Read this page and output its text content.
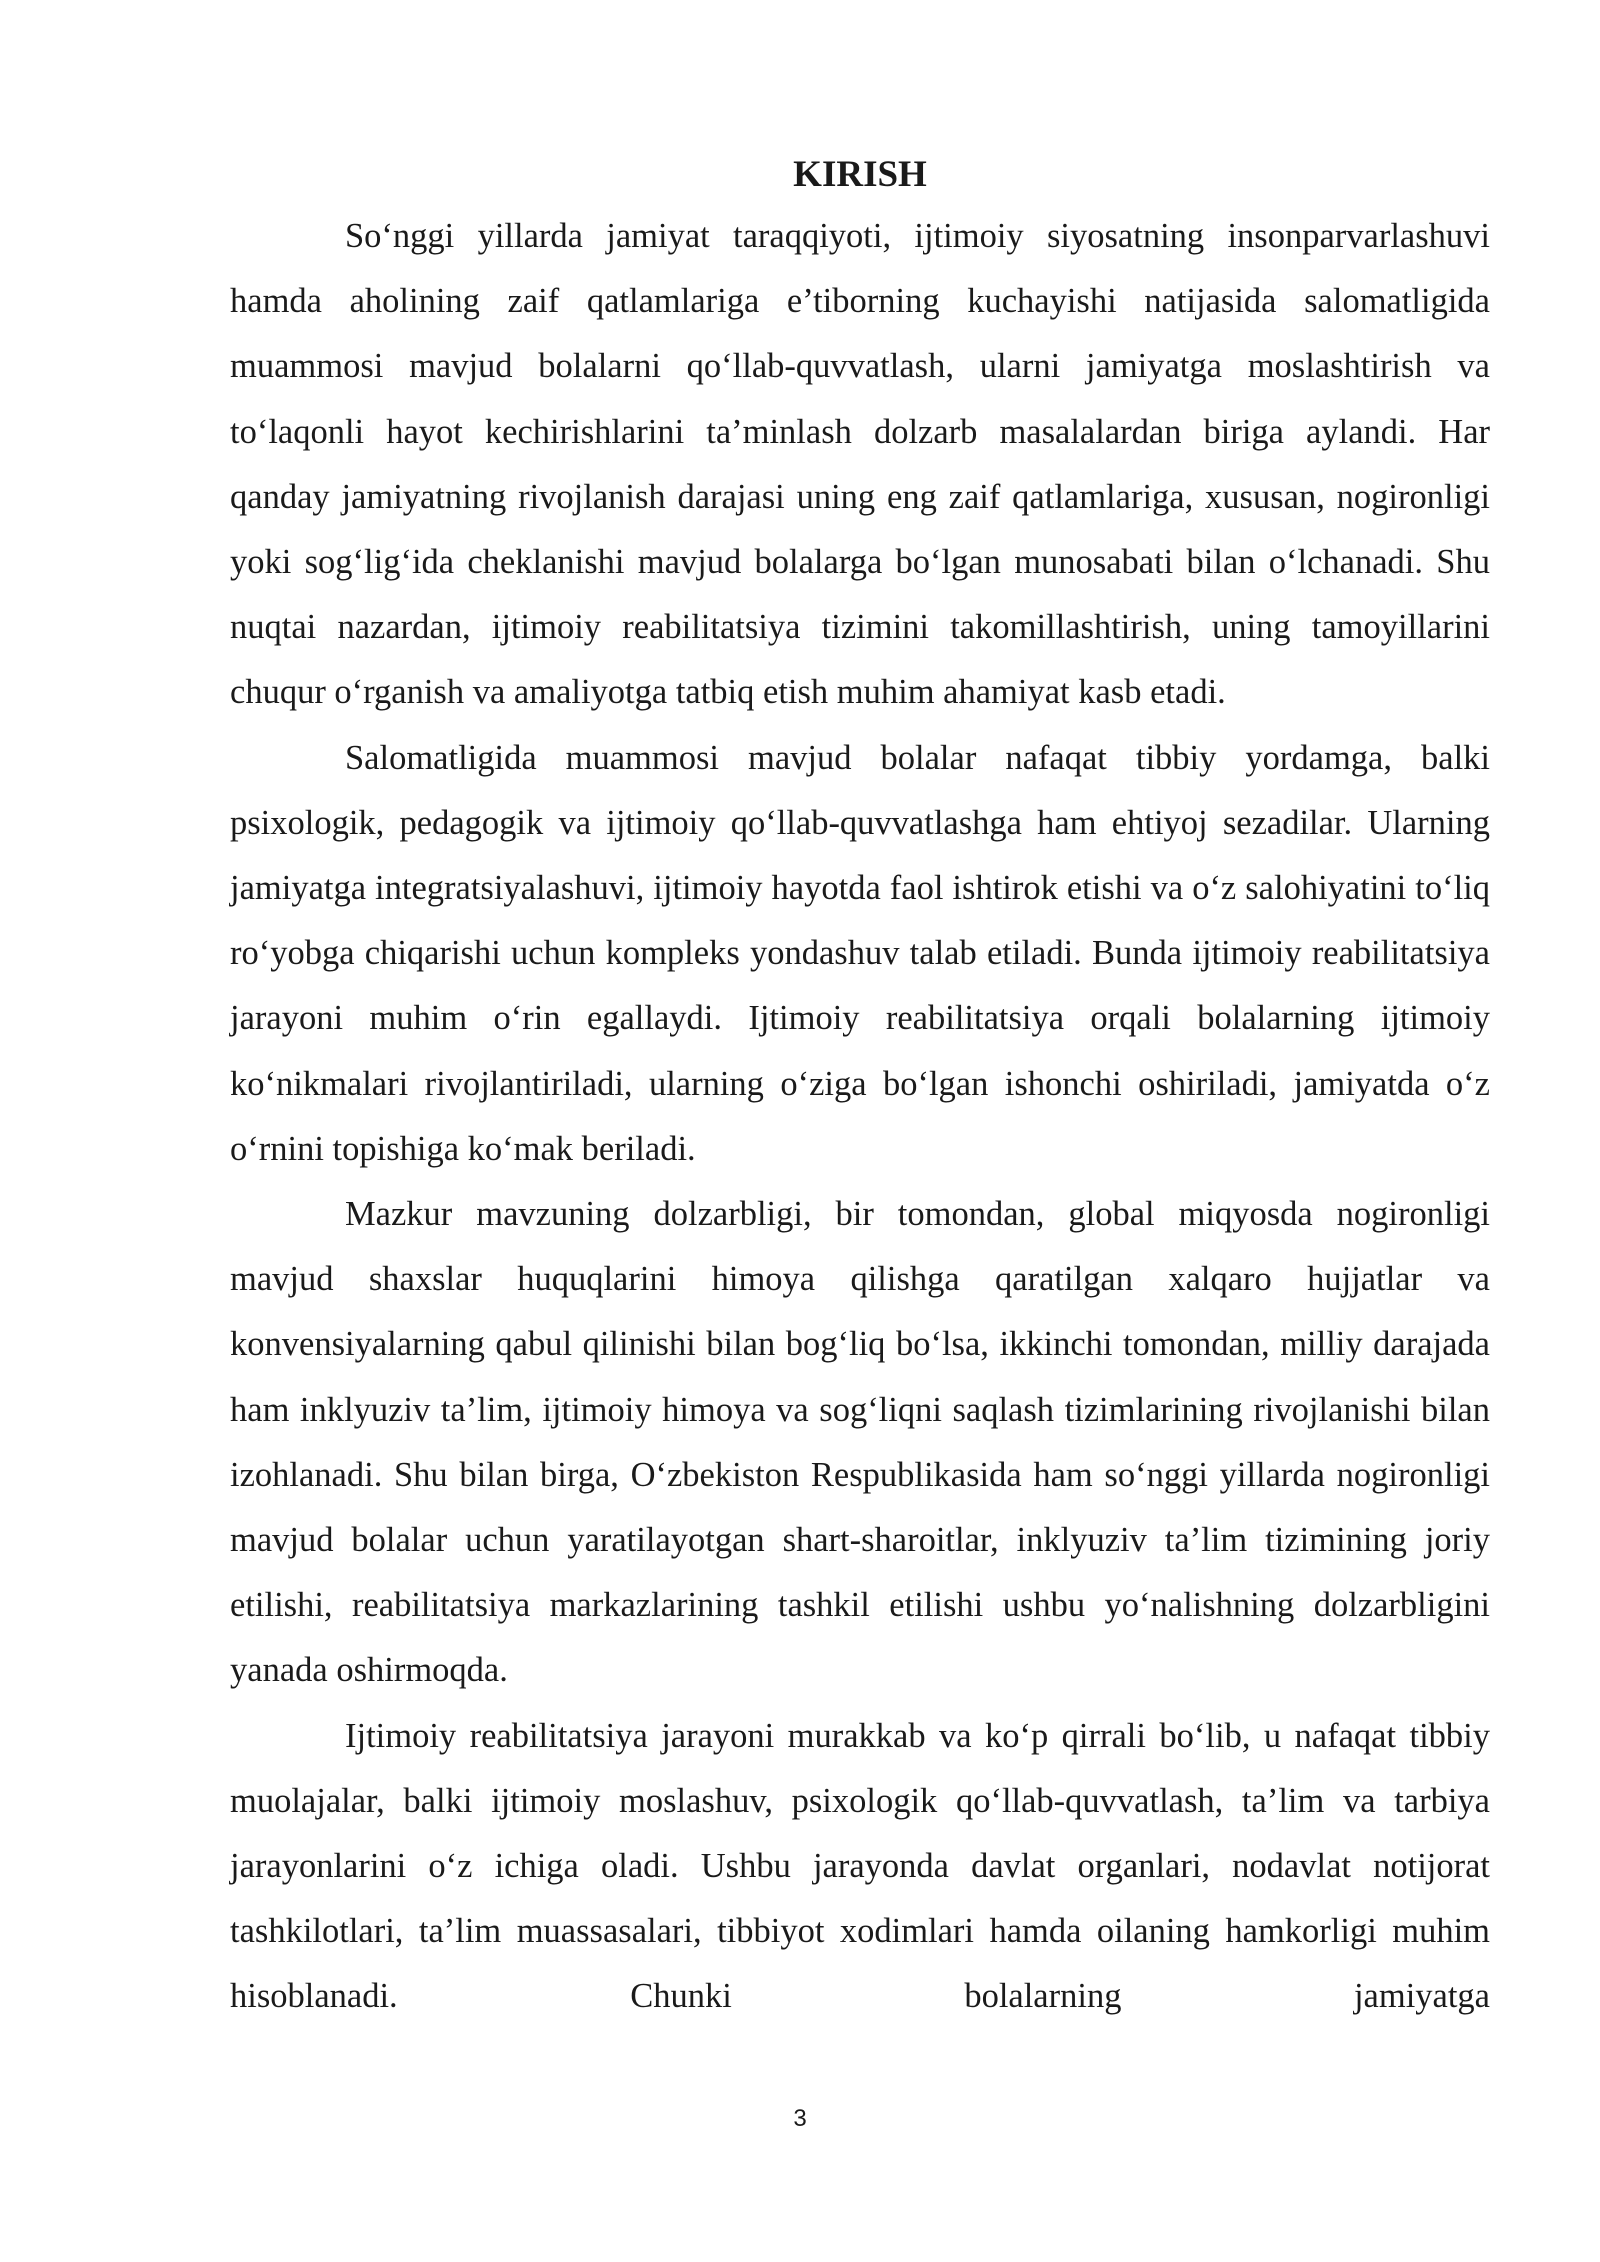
KIRISH

So‘nggi yillarda jamiyat taraqqiyoti, ijtimoiy siyosatning insonparvarlashuvi hamda aholining zaif qatlamlariga e’tiborning kuchayishi natijasida salomatligida muammosi mavjud bolalarni qo‘llab-quvvatlash, ularni jamiyatga moslashtirish va to‘laqonli hayot kechirishlarini ta’minlash dolzarb masalalardan biriga aylandi. Har qanday jamiyatning rivojlanish darajasi uning eng zaif qatlamlariga, xususan, nogironligi yoki sog‘lig‘ida cheklanishi mavjud bolalarga bo‘lgan munosabati bilan o‘lchanadi. Shu nuqtai nazardan, ijtimoiy reabilitatsiya tizimini takomillashtirish, uning tamoyillarini chuqur o‘rganish va amaliyotga tatbiq etish muhim ahamiyat kasb etadi.

Salomatligida muammosi mavjud bolalar nafaqat tibbiy yordamga, balki psixologik, pedagogik va ijtimoiy qo‘llab-quvvatlashga ham ehtiyoj sezadilar. Ularning jamiyatga integratsiyalashuvi, ijtimoiy hayotda faol ishtirok etishi va o‘z salohiyatini to‘liq ro‘yobga chiqarishi uchun kompleks yondashuv talab etiladi. Bunda ijtimoiy reabilitatsiya jarayoni muhim o‘rin egallaydi. Ijtimoiy reabilitatsiya orqali bolalarning ijtimoiy ko‘nikmalari rivojlantiriladi, ularning o‘ziga bo‘lgan ishonchi oshiriladi, jamiyatda o‘z o‘rnini topishiga ko‘mak beriladi.

Mazkur mavzuning dolzarbligi, bir tomondan, global miqyosda nogironligi mavjud shaxslar huquqlarini himoya qilishga qaratilgan xalqaro hujjatlar va konvensiyalarning qabul qilinishi bilan bog‘liq bo‘lsa, ikkinchi tomondan, milliy darajada ham inklyuziv ta’lim, ijtimoiy himoya va sog‘liqni saqlash tizimlarining rivojlanishi bilan izohlanadi. Shu bilan birga, O‘zbekiston Respublikasida ham so‘nggi yillarda nogironligi mavjud bolalar uchun yaratilayotgan shart-sharoitlar, inklyuziv ta’lim tizimining joriy etilishi, reabilitatsiya markazlarining tashkil etilishi ushbu yo‘nalishning dolzarbligini yanada oshirmoqda.

Ijtimoiy reabilitatsiya jarayoni murakkab va ko‘p qirrali bo‘lib, u nafaqat tibbiy muolajalar, balki ijtimoiy moslashuv, psixologik qo‘llab-quvvatlash, ta’lim va tarbiya jarayonlarini o‘z ichiga oladi. Ushbu jarayonda davlat organlari, nodavlat notijorat tashkilotlari, ta’lim muassasalari, tibbiyot xodimlari hamda oilaning hamkorligi muhim hisoblanadi. Chunki bolalarning jamiyatga

3
